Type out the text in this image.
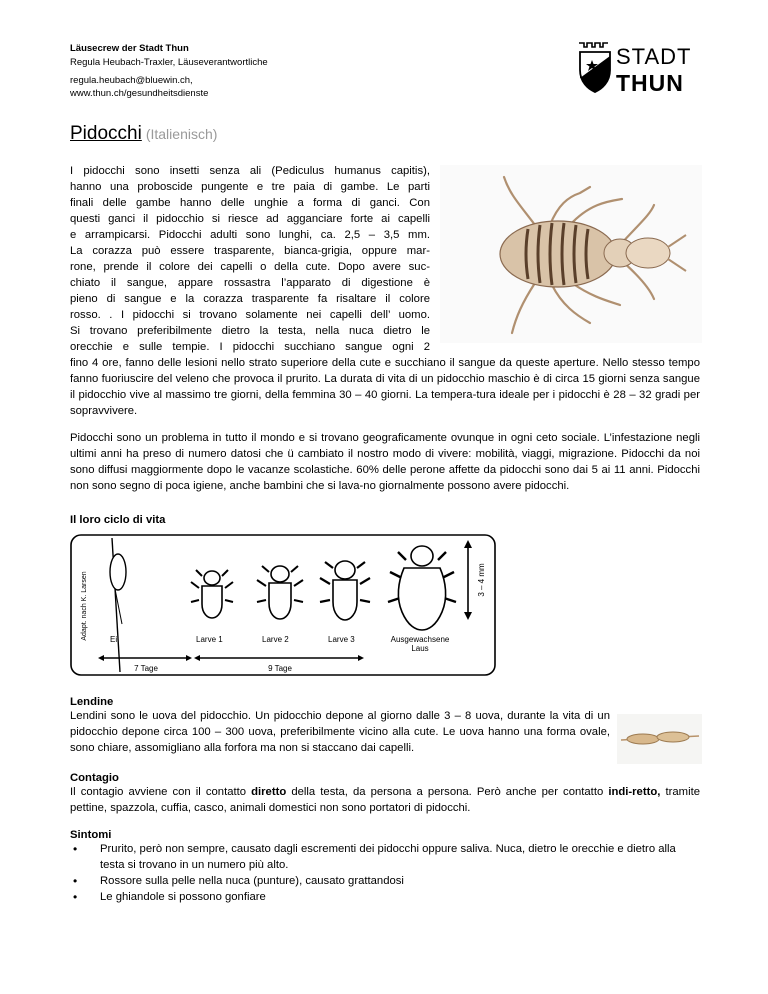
Läusecrew der Stadt Thun
Regula Heubach-Traxler, Läuseverantwortliche
regula.heubach@bluewin.ch,
www.thun.ch/gesundheitsdienste
STADT
THUN
Pidocchi (Italienisch)
I pidocchi sono insetti senza ali (Pediculus humanus capitis),
hanno una proboscide pungente e tre paia di gambe. Le parti
finali delle gambe hanno delle unghie a forma di ganci. Con
questi ganci il pidocchio si riesce ad agganciare forte ai capelli
e arrampicarsi. Pidocchi adulti sono lunghi, ca. 2,5 – 3,5 mm.
La corazza può essere trasparente, bianca-grigia, oppure mar-
rone, prende il colore dei capelli o della cute. Dopo avere suc-
chiato il sangue, appare rossastra l’apparato di digestione è
pieno di sangue e la corazza trasparente fa risaltare il colore
rosso. . I pidocchi si trovano solamente nei capelli dell’ uomo.
Si trovano preferibilmente dietro la testa, nella nuca dietro le
orecchie e sulle tempie. I pidocchi succhiano sangue ogni 2
fino 4 ore, fanno delle lesioni nello strato superiore della cute e succhiano il sangue da queste aperture. Nello stesso tempo fanno fuoriuscire del veleno che provoca il prurito. La durata di vita di un pidocchio maschio è di circa 15 giorni senza sangue il pidocchio vive al massimo tre giorni, della femmina 30 – 40 giorni. La tempera-tura ideale per i pidocchi è 28 – 32 gradi per sopravvivere.
Pidocchi sono un problema in tutto il mondo e si trovano geograficamente ovunque in ogni ceto sociale. L’infestazione negli ultimi anni ha preso di numero datosi che ü cambiato il nostro modo di vivere: mobilità, viaggi, migrazione. Pidocchi da noi sono diffusi maggiormente dopo le vacanze scolastiche. 60% delle perone affette da pidocchi sono dai 5 ai 11 anni. Pidocchi non sono segno di poca igiene, anche bambini che si lava-no giornalmente possono avere pidocchi.
Il loro ciclo di vita
Adapt. nach K. Larsen	3 – 4 mm
Ei	Larve 1	Larve 2	Larve 3	Ausgewachsene
Laus
7 Tage	9 Tage
Lendine
Lendini sono le uova del pidocchio. Un pidocchio depone al giorno dalle 3 – 8 uova, durante la vita di un pidocchio depone circa 100 – 300 uova, preferibilmente vicino alla cute. Le uova hanno una forma ovale, sono chiare, assomigliano alla forfora ma non si staccano dai capelli.
Contagio
Il contagio avviene con il contatto diretto della testa, da persona a persona. Però anche per contatto indi-retto, tramite pettine, spazzola, cuffia, casco, animali domestici non sono portatori di pidocchi.
Sintomi
• Prurito, però non sempre, causato dagli escrementi dei pidocchi oppure saliva. Nuca, dietro le orecchie e dietro alla testa si trovano in un numero più alto.
• Rossore sulla pelle nella nuca (punture), causato grattandosi
• Le ghiandole si possono gonfiare
